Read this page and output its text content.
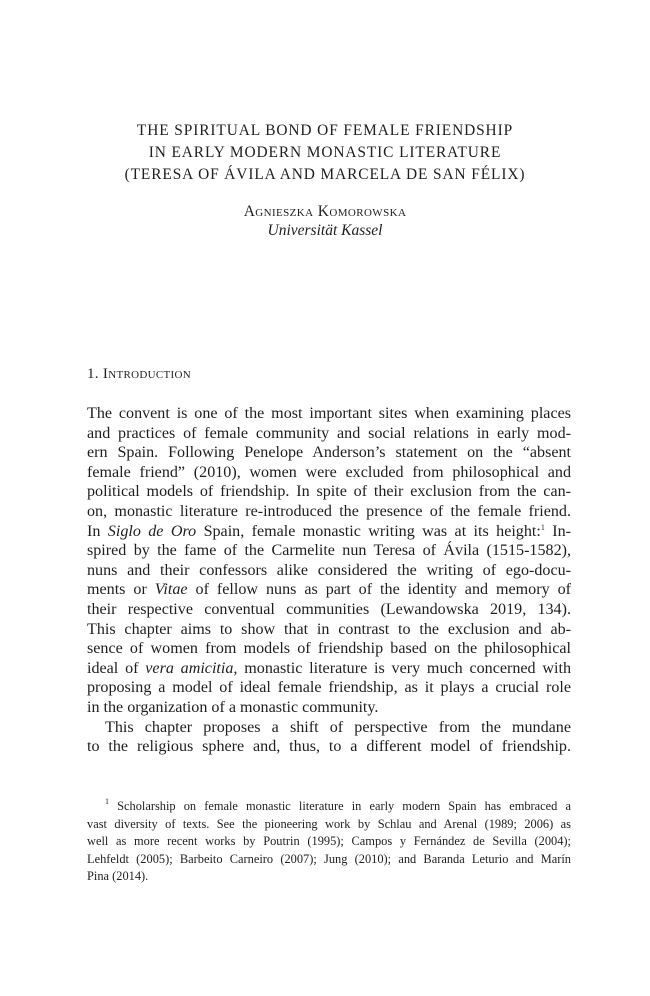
THE SPIRITUAL BOND OF FEMALE FRIENDSHIP
IN EARLY MODERN MONASTIC LITERATURE
(TERESA OF ÁVILA AND MARCELA DE SAN FÉLIX)
Agnieszka Komorowska
Universität Kassel
1. Introduction
The convent is one of the most important sites when examining places
and practices of female community and social relations in early mod-
ern Spain. Following Penelope Anderson’s statement on the “absent
female friend” (2010), women were excluded from philosophical and
political models of friendship. In spite of their exclusion from the can-
on, monastic literature re-introduced the presence of the female friend.
In Siglo de Oro Spain, female monastic writing was at its height:$^1$ In-
spired by the fame of the Carmelite nun Teresa of Ávila (1515-1582),
nuns and their confessors alike considered the writing of ego-docu-
ments or Vitae of fellow nuns as part of the identity and memory of
their respective conventual communities (Lewandowska 2019, 134).
This chapter aims to show that in contrast to the exclusion and ab-
sence of women from models of friendship based on the philosophical
ideal of vera amicitia, monastic literature is very much concerned with
proposing a model of ideal female friendship, as it plays a crucial role
in the organization of a monastic community.
This chapter proposes a shift of perspective from the mundane
to the religious sphere and, thus, to a different model of friendship.
$^1$ Scholarship on female monastic literature in early modern Spain has embraced a
vast diversity of texts. See the pioneering work by Schlau and Arenal (1989; 2006) as
well as more recent works by Poutrin (1995); Campos y Fernández de Sevilla (2004);
Lehfeldt (2005); Barbeito Carneiro (2007); Jung (2010); and Baranda Leturio and Marín
Pina (2014).
